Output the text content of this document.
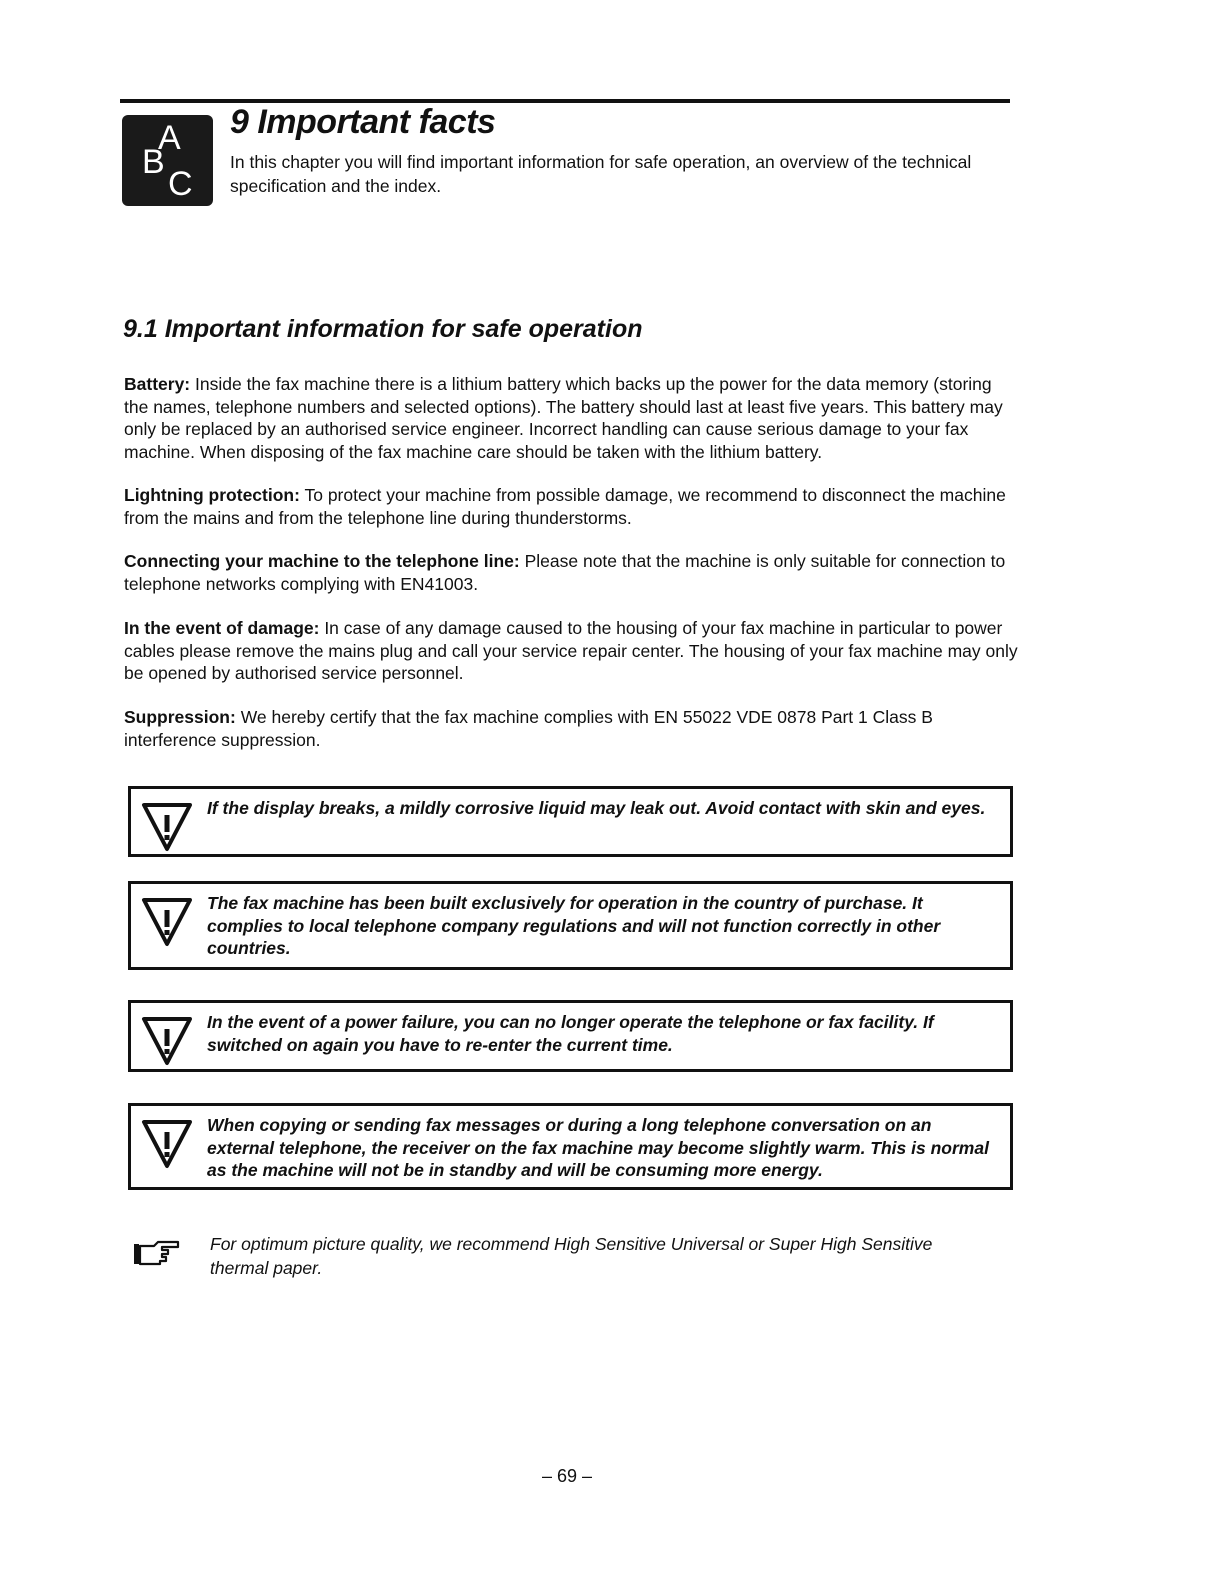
A
B
C
9 Important facts

In this chapter you will find important information for safe operation, an overview of the technical specification and the index.

9.1 Important information for safe operation

Battery: Inside the fax machine there is a lithium battery which backs up the power for the data memory (storing the names, telephone numbers and selected options). The battery should last at least five years. This battery may only be replaced by an authorised service engineer. Incorrect handling can cause serious damage to your fax machine. When disposing of the fax machine care should be taken with the lithium battery.

Lightning protection: To protect your machine from possible damage, we recommend to disconnect the machine from the mains and from the telephone line during thunderstorms.

Connecting your machine to the telephone line: Please note that the machine is only suitable for connection to telephone networks complying with EN41003.

In the event of damage: In case of any damage caused to the housing of your fax machine in particular to power cables please remove the mains plug and call your service repair center. The housing of your fax machine may only be opened by authorised service personnel.

Suppression: We hereby certify that the fax machine complies with EN 55022 VDE 0878 Part 1 Class B interference suppression.

If the display breaks, a mildly corrosive liquid may leak out. Avoid contact with skin and eyes.

The fax machine has been built exclusively for operation in the country of purchase. It complies to local telephone company regulations and will not function correctly in other countries.

In the event of a power failure, you can no longer operate the telephone or fax facility. If switched on again you have to re-enter the current time.

When copying or sending fax messages or during a long telephone conversation on an external telephone, the receiver on the fax machine may become slightly warm. This is normal as the machine will not be in standby and will be consuming more energy.

For optimum picture quality, we recommend High Sensitive Universal or Super High Sensitive thermal paper.

– 69 –
